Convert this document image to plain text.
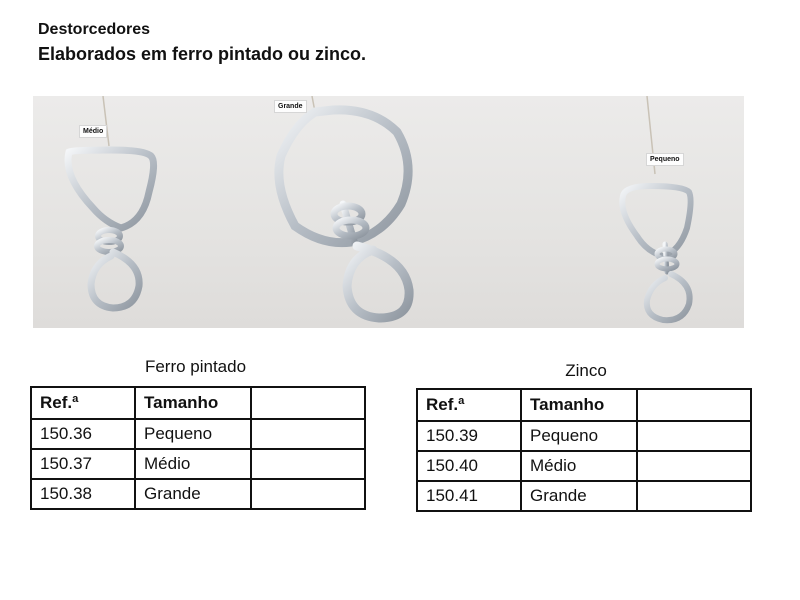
Destorcedores
Elaborados em ferro pintado ou zinco.
Médio
Grande
Pequeno
Ferro pintado
Ref.ª	Tamanho	
150.36	Pequeno	
150.37	Médio	
150.38	Grande	
Zinco
Ref.ª	Tamanho	
150.39	Pequeno	
150.40	Médio	
150.41	Grande	
